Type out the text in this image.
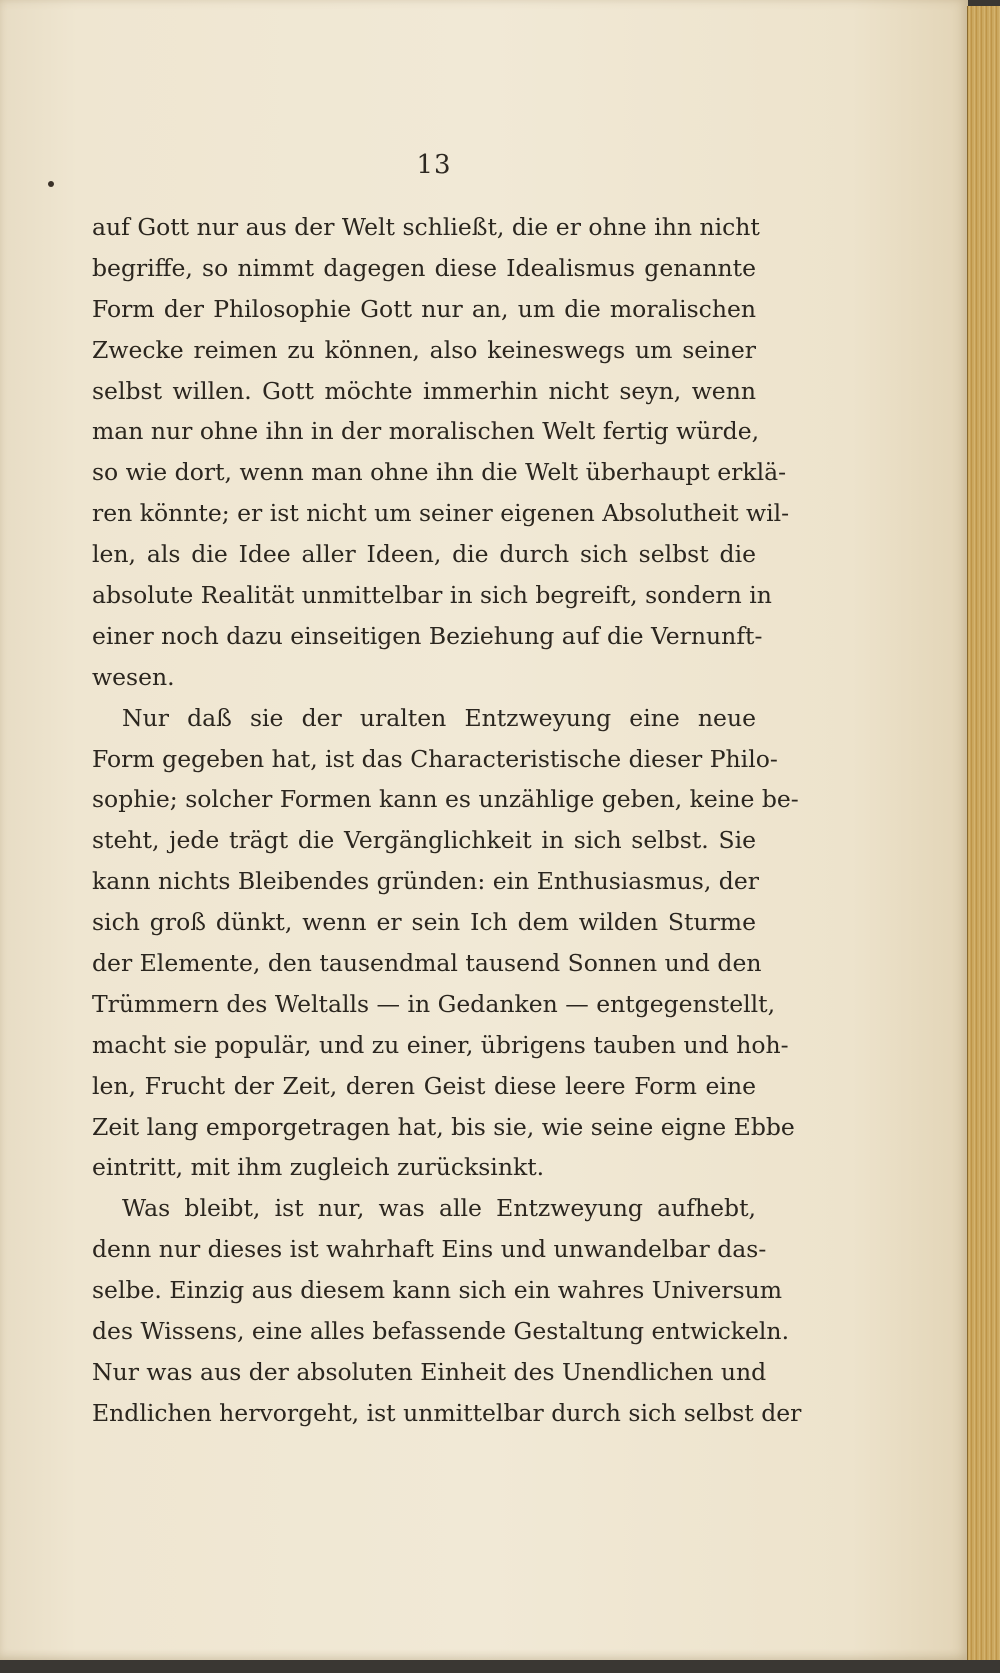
13
auf Gott nur aus der Welt schließt, die er ohne ihn nicht
begriffe, so nimmt dagegen diese Idealismus genannte
Form der Philosophie Gott nur an, um die moralischen
Zwecke reimen zu können, also keineswegs um seiner
selbst willen. Gott möchte immerhin nicht seyn, wenn
man nur ohne ihn in der moralischen Welt fertig würde,
so wie dort, wenn man ohne ihn die Welt überhaupt erklä-
ren könnte; er ist nicht um seiner eigenen Absolutheit wil-
len, als die Idee aller Ideen, die durch sich selbst die
absolute Realität unmittelbar in sich begreift, sondern in
einer noch dazu einseitigen Beziehung auf die Vernunft-
wesen.
Nur daß sie der uralten Entzweyung eine neue
Form gegeben hat, ist das Characteristische dieser Philo-
sophie; solcher Formen kann es unzählige geben, keine be-
steht, jede trägt die Vergänglichkeit in sich selbst. Sie
kann nichts Bleibendes gründen: ein Enthusiasmus, der
sich groß dünkt, wenn er sein Ich dem wilden Sturme
der Elemente, den tausendmal tausend Sonnen und den
Trümmern des Weltalls — in Gedanken — entgegenstellt,
macht sie populär, und zu einer, übrigens tauben und hoh-
len, Frucht der Zeit, deren Geist diese leere Form eine
Zeit lang emporgetragen hat, bis sie, wie seine eigne Ebbe
eintritt, mit ihm zugleich zurücksinkt.
Was bleibt, ist nur, was alle Entzweyung aufhebt,
denn nur dieses ist wahrhaft Eins und unwandelbar das-
selbe. Einzig aus diesem kann sich ein wahres Universum
des Wissens, eine alles befassende Gestaltung entwickeln.
Nur was aus der absoluten Einheit des Unendlichen und
Endlichen hervorgeht, ist unmittelbar durch sich selbst der
